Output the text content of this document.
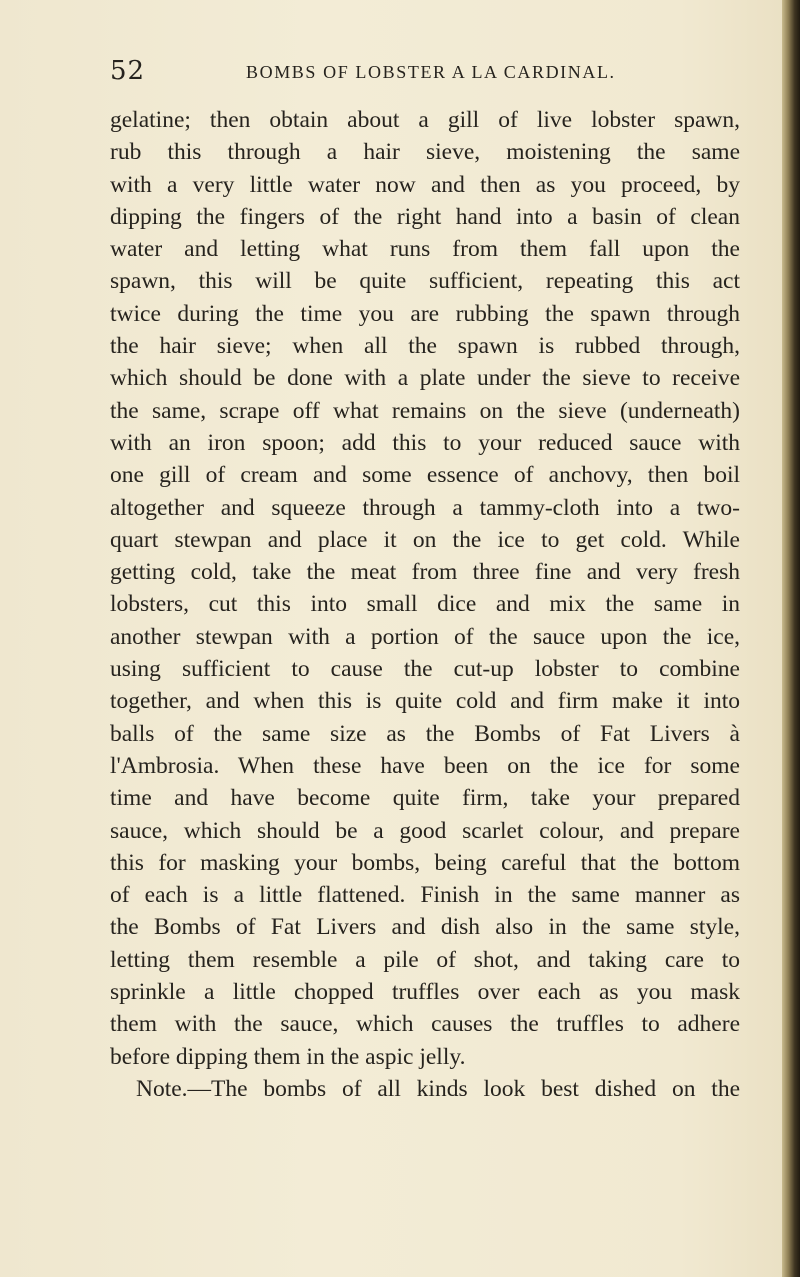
52	BOMBS OF LOBSTER A LA CARDINAL.
gelatine; then obtain about a gill of live lobster spawn,
rub this through a hair sieve, moistening the same
with a very little water now and then as you proceed, by
dipping the fingers of the right hand into a basin of clean
water and letting what runs from them fall upon the
spawn, this will be quite sufficient, repeating this act
twice during the time you are rubbing the spawn through
the hair sieve; when all the spawn is rubbed through,
which should be done with a plate under the sieve to receive
the same, scrape off what remains on the sieve (underneath)
with an iron spoon; add this to your reduced sauce with
one gill of cream and some essence of anchovy, then boil
altogether and squeeze through a tammy-cloth into a two-
quart stewpan and place it on the ice to get cold. While
getting cold, take the meat from three fine and very fresh
lobsters, cut this into small dice and mix the same in
another stewpan with a portion of the sauce upon the ice,
using sufficient to cause the cut-up lobster to combine
together, and when this is quite cold and firm make it into
balls of the same size as the Bombs of Fat Livers à
l'Ambrosia. When these have been on the ice for some
time and have become quite firm, take your prepared
sauce, which should be a good scarlet colour, and prepare
this for masking your bombs, being careful that the bottom
of each is a little flattened. Finish in the same manner as
the Bombs of Fat Livers and dish also in the same style,
letting them resemble a pile of shot, and taking care to
sprinkle a little chopped truffles over each as you mask
them with the sauce, which causes the truffles to adhere
before dipping them in the aspic jelly.
Note.—The bombs of all kinds look best dished on the
